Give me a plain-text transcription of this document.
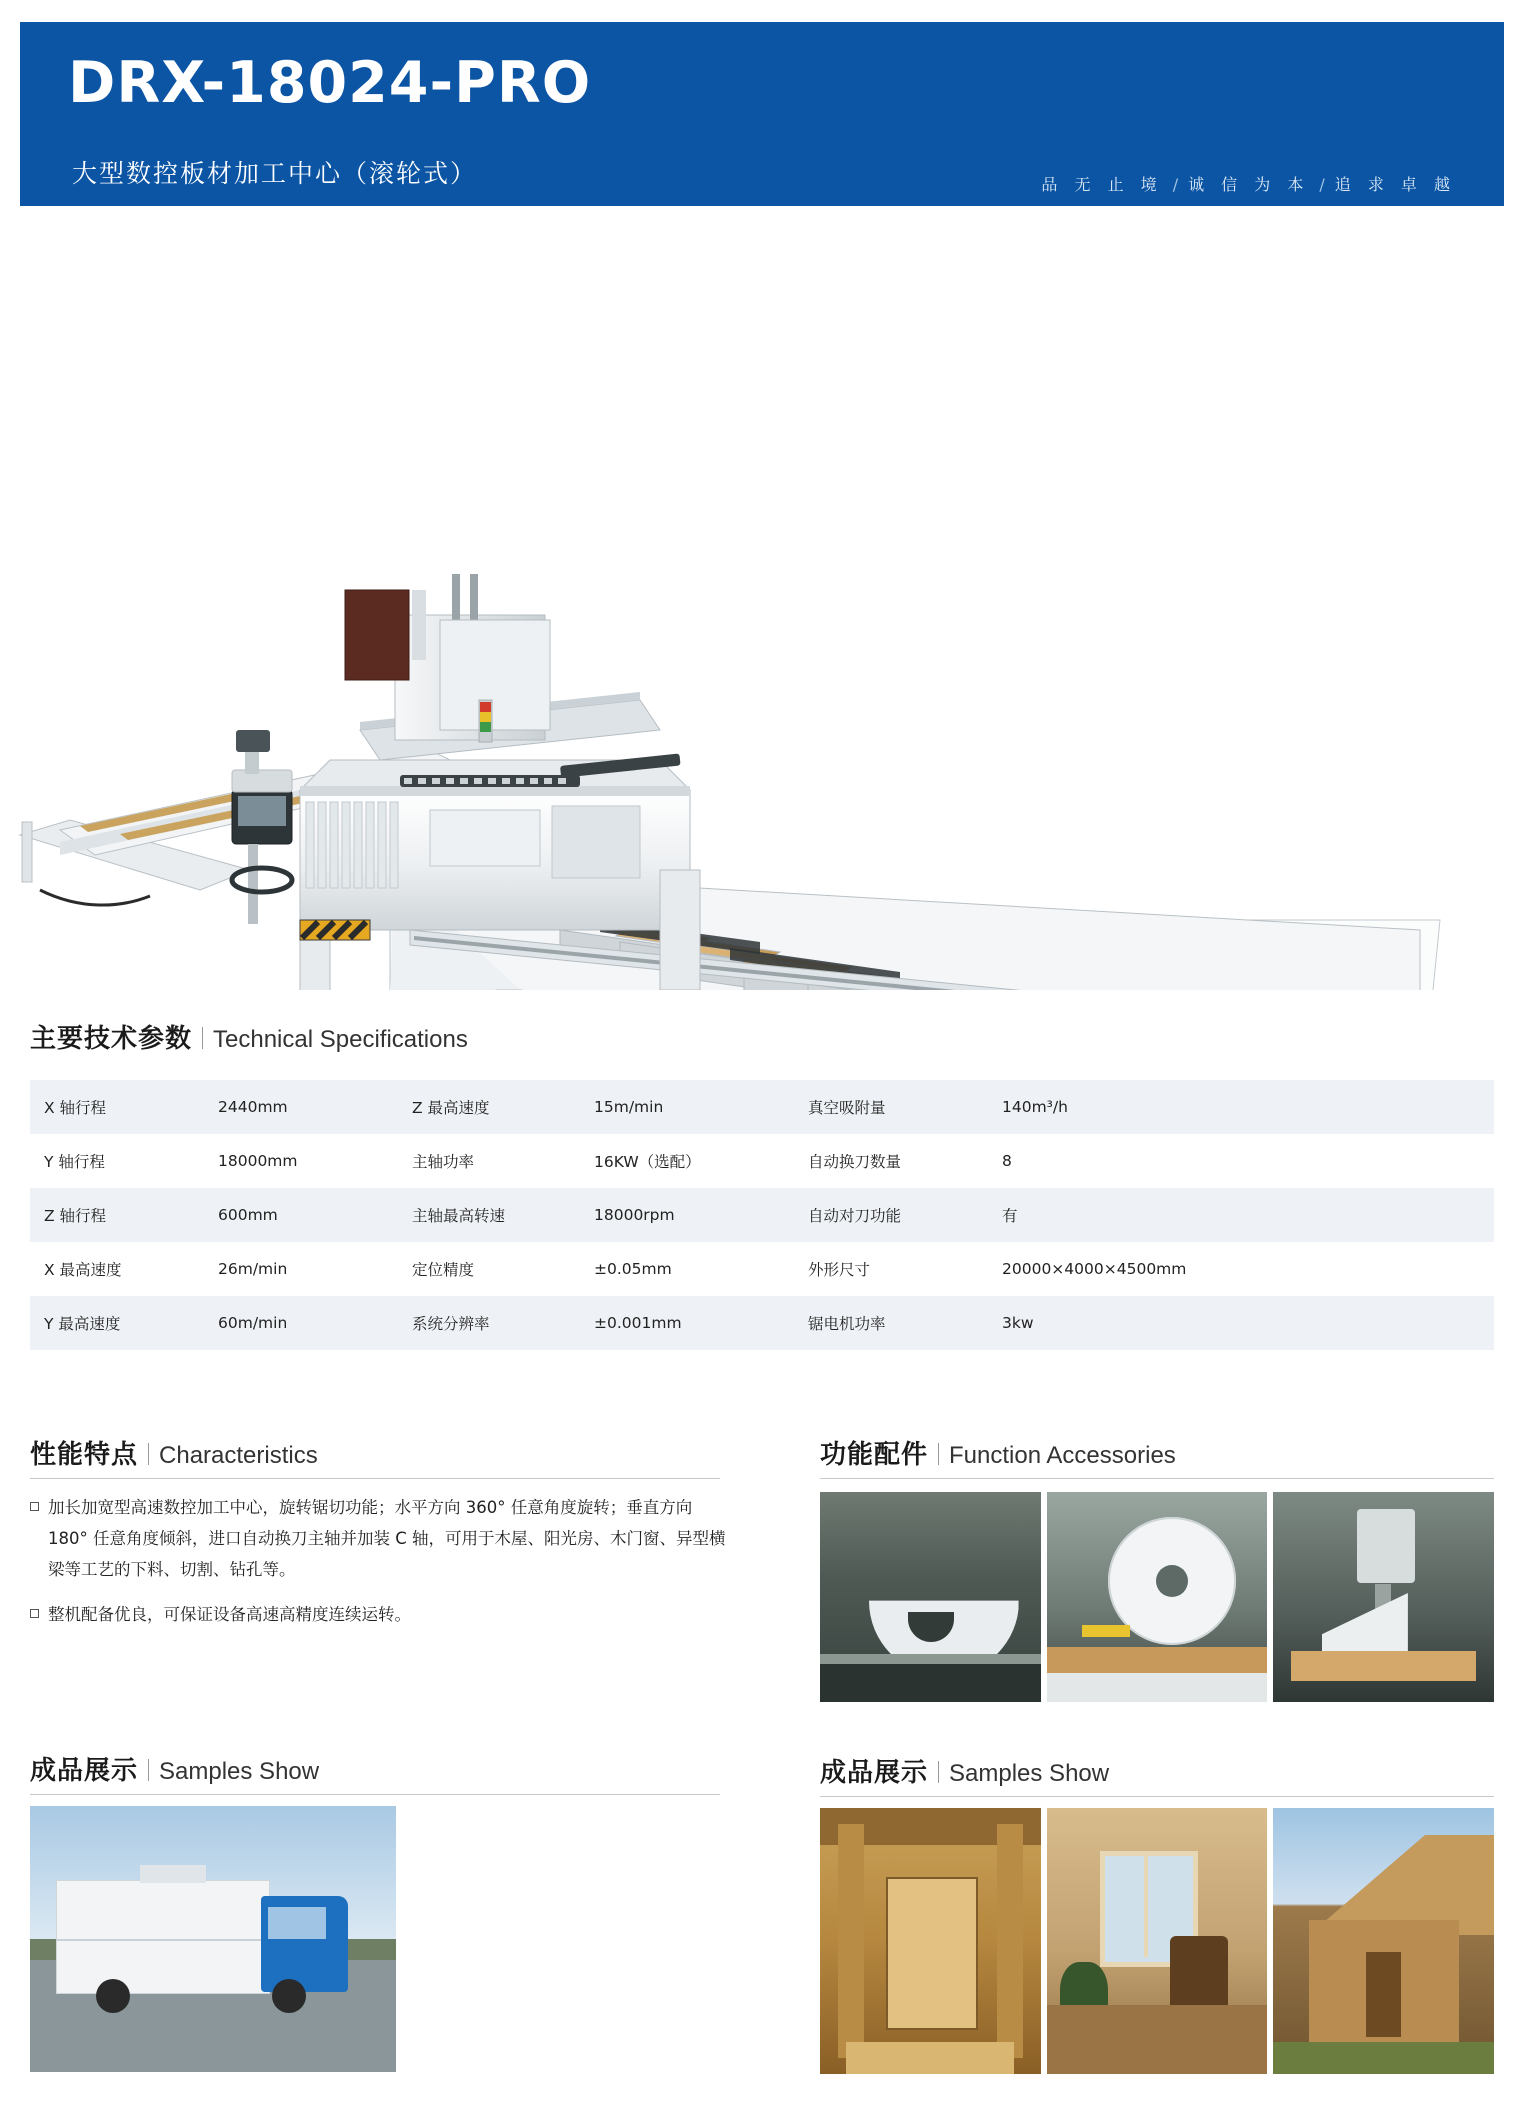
DRX-18024-PRO
大型数控板材加工中心（滚轮式）	品 无 止 境 / 诚 信 为 本 / 追 求 卓 越
主要技术参数 Technical Specifications
X 轴行程	2440mm	Z 最高速度	15m/min	真空吸附量	140m³/h
Y 轴行程	18000mm	主轴功率	16KW（选配）	自动换刀数量	8
Z 轴行程	600mm	主轴最高转速	18000rpm	自动对刀功能	有
X 最高速度	26m/min	定位精度	±0.05mm	外形尺寸	20000×4000×4500mm
Y 最高速度	60m/min	系统分辨率	±0.001mm	锯电机功率	3kw
性能特点 Characteristics
加长加宽型高速数控加工中心，旋转锯切功能；水平方向 360° 任意角度旋转；垂直方向 180° 任意角度倾斜，进口自动换刀主轴并加装 C 轴，可用于木屋、阳光房、木门窗、异型横梁等工艺的下料、切割、钻孔等。
整机配备优良，可保证设备高速高精度连续运转。
功能配件 Function Accessories
成品展示 Samples Show	成品展示 Samples Show
